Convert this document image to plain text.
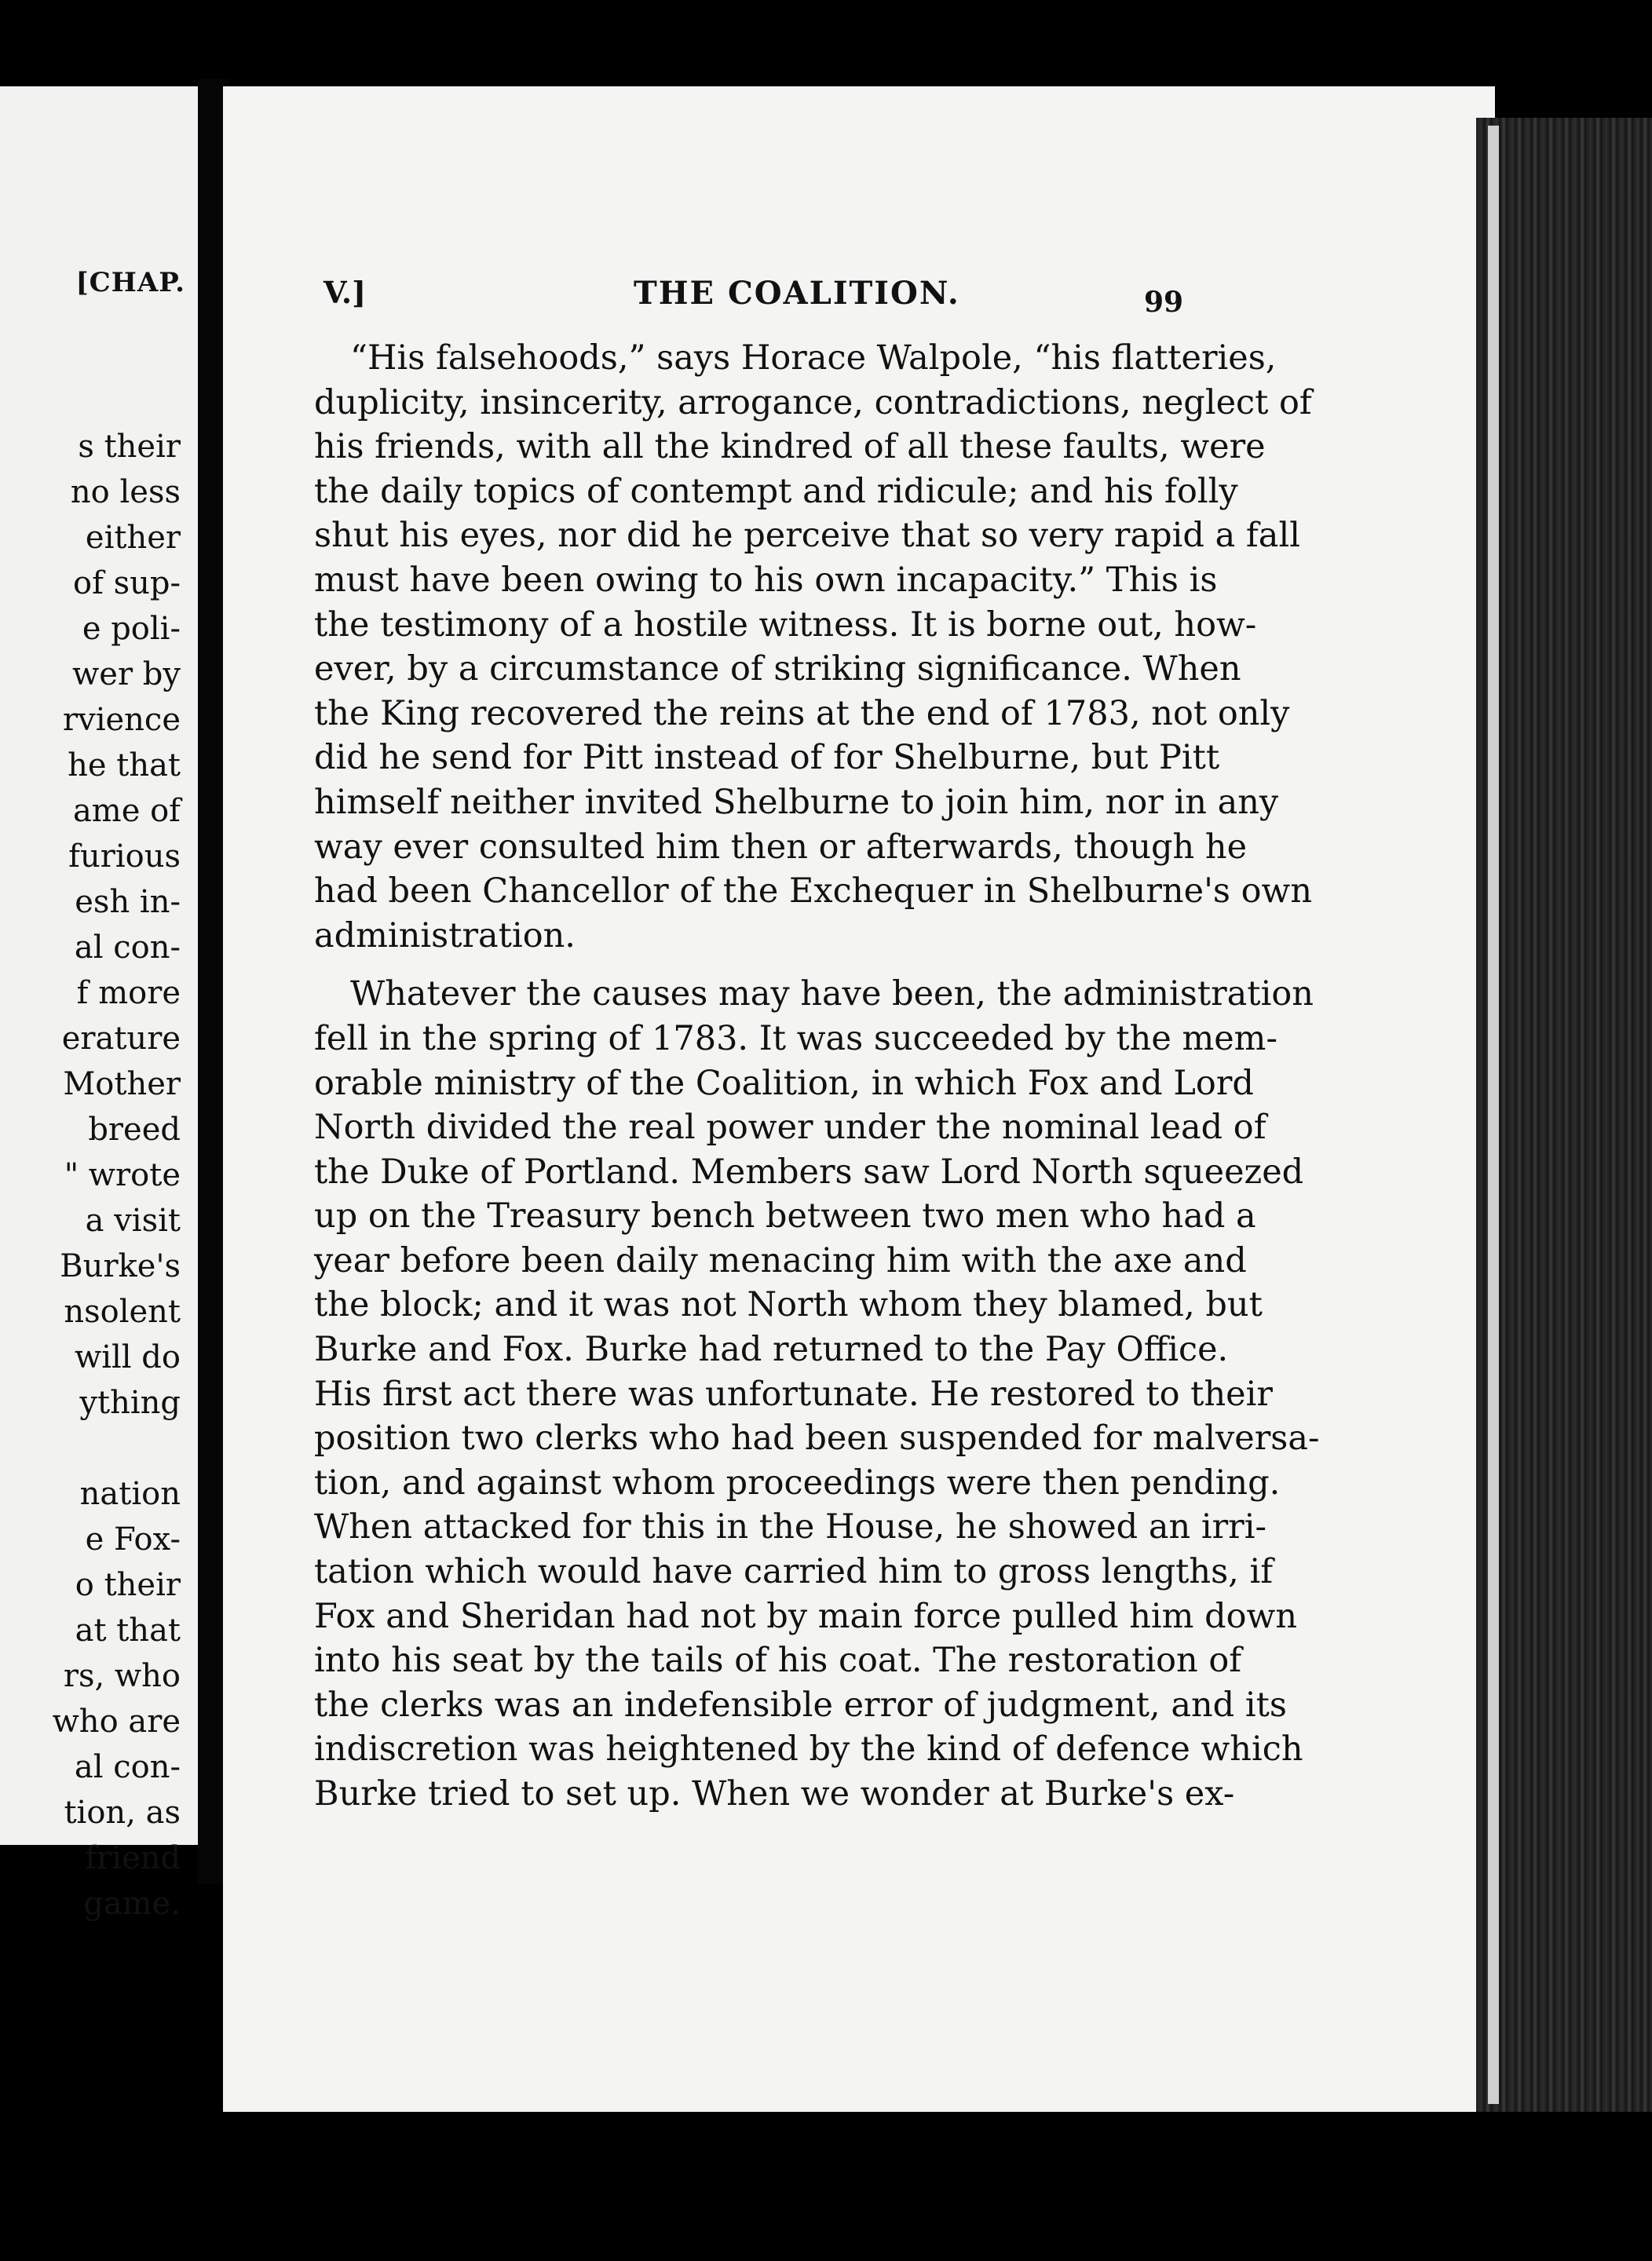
[CHAP.
s their
no less
either
of sup-
e poli-
wer by
rvience
he that
ame of
furious
esh in-
al con-
f more
erature
Mother
breed
" wrote
a visit
Burke's
nsolent
will do
ything
nation
e Fox-
o their
at that
rs, who
who are
al con-
tion, as
friend
game.
V.]	THE COALITION.	99
“His falsehoods,” says Horace Walpole, “his flatteries,
duplicity, insincerity, arrogance, contradictions, neglect of
his friends, with all the kindred of all these faults, were
the daily topics of contempt and ridicule; and his folly
shut his eyes, nor did he perceive that so very rapid a fall
must have been owing to his own incapacity.” This is
the testimony of a hostile witness. It is borne out, how-
ever, by a circumstance of striking significance. When
the King recovered the reins at the end of 1783, not only
did he send for Pitt instead of for Shelburne, but Pitt
himself neither invited Shelburne to join him, nor in any
way ever consulted him then or afterwards, though he
had been Chancellor of the Exchequer in Shelburne's own
administration.
Whatever the causes may have been, the administration
fell in the spring of 1783. It was succeeded by the mem-
orable ministry of the Coalition, in which Fox and Lord
North divided the real power under the nominal lead of
the Duke of Portland. Members saw Lord North squeezed
up on the Treasury bench between two men who had a
year before been daily menacing him with the axe and
the block; and it was not North whom they blamed, but
Burke and Fox. Burke had returned to the Pay Office.
His first act there was unfortunate. He restored to their
position two clerks who had been suspended for malversa-
tion, and against whom proceedings were then pending.
When attacked for this in the House, he showed an irri-
tation which would have carried him to gross lengths, if
Fox and Sheridan had not by main force pulled him down
into his seat by the tails of his coat. The restoration of
the clerks was an indefensible error of judgment, and its
indiscretion was heightened by the kind of defence which
Burke tried to set up. When we wonder at Burke's ex-
